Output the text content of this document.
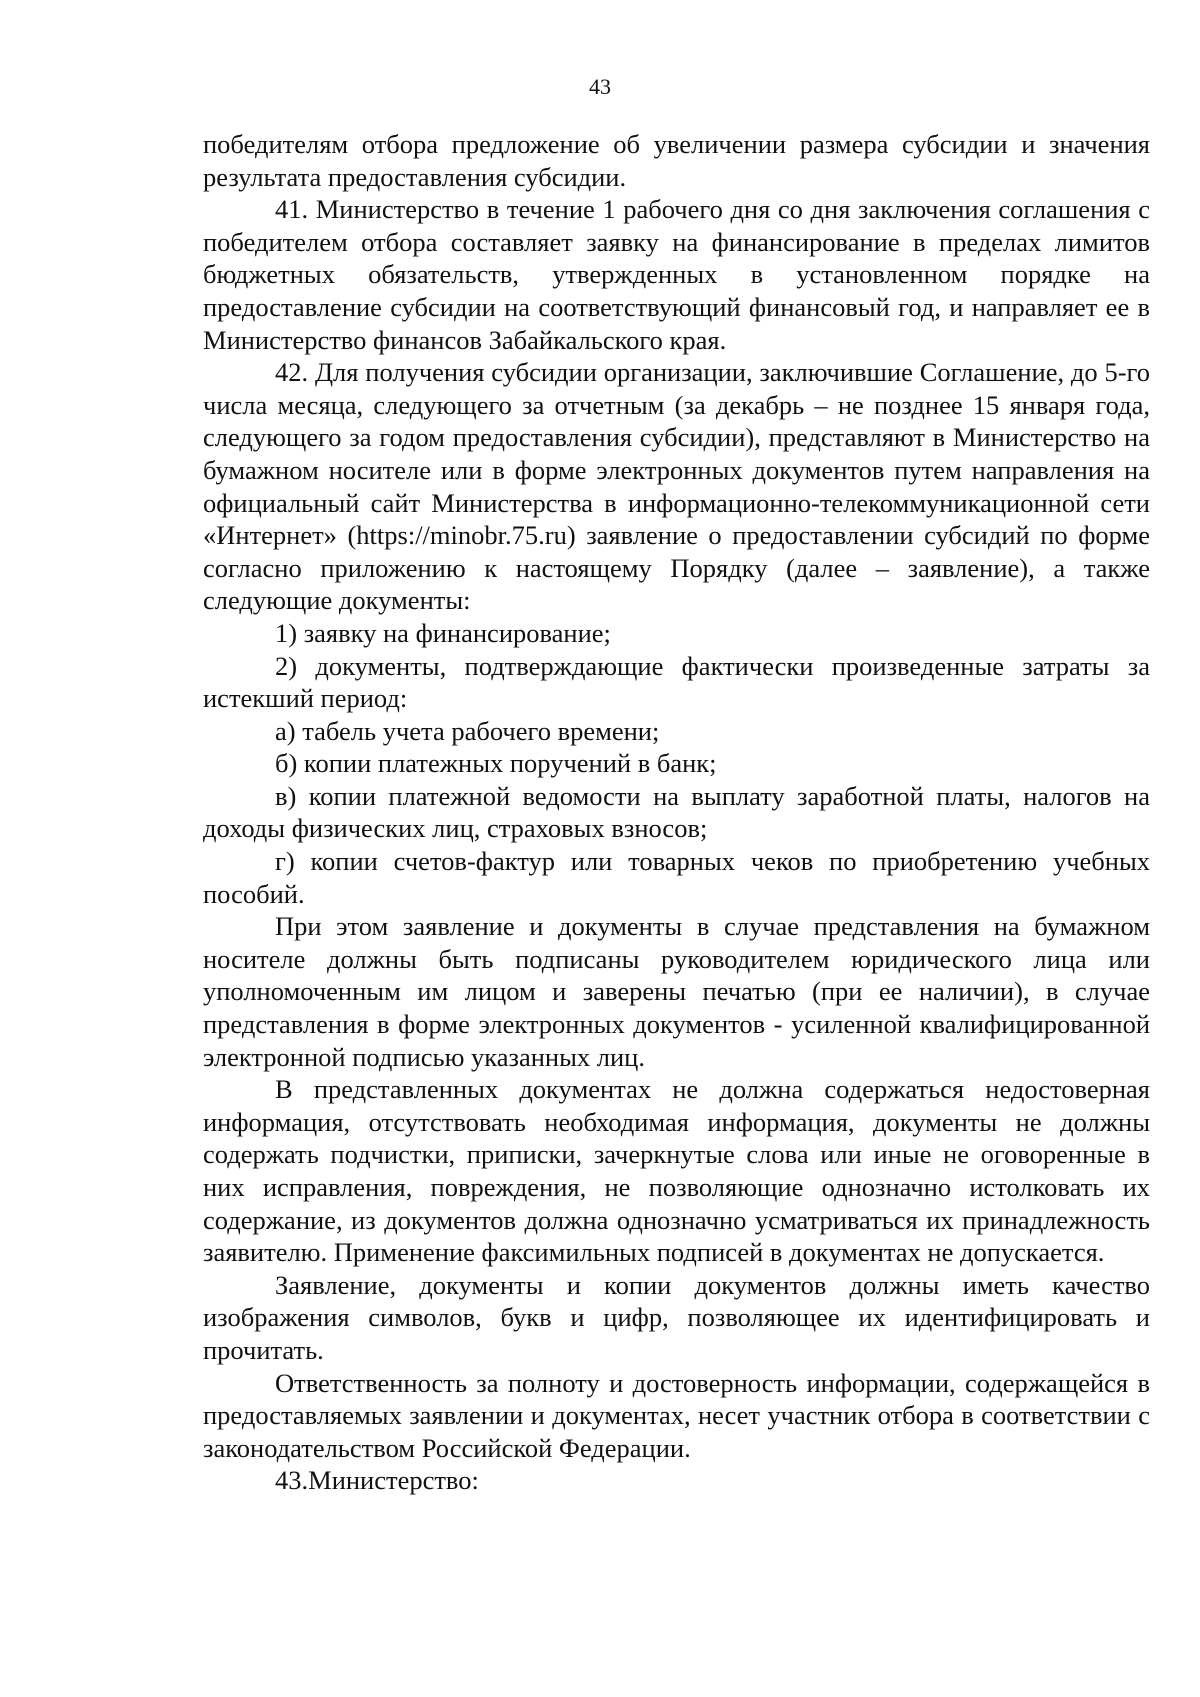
43

победителям отбора предложение об увеличении размера субсидии и значения результата предоставления субсидии.

41. Министерство в течение 1 рабочего дня со дня заключения соглашения с победителем отбора составляет заявку на финансирование в пределах лимитов бюджетных обязательств, утвержденных в установленном порядке на предоставление субсидии на соответствующий финансовый год, и направляет ее в Министерство финансов Забайкальского края.

42. Для получения субсидии организации, заключившие Соглашение, до 5-го числа месяца, следующего за отчетным (за декабрь – не позднее 15 января года, следующего за годом предоставления субсидии), представляют в Министерство на бумажном носителе или в форме электронных документов путем направления на официальный сайт Министерства в информационно-телекоммуникационной сети «Интернет» (https://minobr.75.ru) заявление о предоставлении субсидий по форме согласно приложению к настоящему Порядку (далее – заявление), а также следующие документы:

1) заявку на финансирование;

2) документы, подтверждающие фактически произведенные затраты за истекший период:

а) табель учета рабочего времени;

б) копии платежных поручений в банк;

в) копии платежной ведомости на выплату заработной платы, налогов на доходы физических лиц, страховых взносов;

г) копии счетов-фактур или товарных чеков по приобретению учебных пособий.

При этом заявление и документы в случае представления на бумажном носителе должны быть подписаны руководителем юридического лица или уполномоченным им лицом и заверены печатью (при ее наличии), в случае представления в форме электронных документов - усиленной квалифицированной электронной подписью указанных лиц.

В представленных документах не должна содержаться недостоверная информация, отсутствовать необходимая информация, документы не должны содержать подчистки, приписки, зачеркнутые слова или иные не оговоренные в них исправления, повреждения, не позволяющие однозначно истолковать их содержание, из документов должна однозначно усматриваться их принадлежность заявителю. Применение факсимильных подписей в документах не допускается.

Заявление, документы и копии документов должны иметь качество изображения символов, букв и цифр, позволяющее их идентифицировать и прочитать.

Ответственность за полноту и достоверность информации, содержащейся в предоставляемых заявлении и документах, несет участник отбора в соответствии с законодательством Российской Федерации.

43.Министерство:
